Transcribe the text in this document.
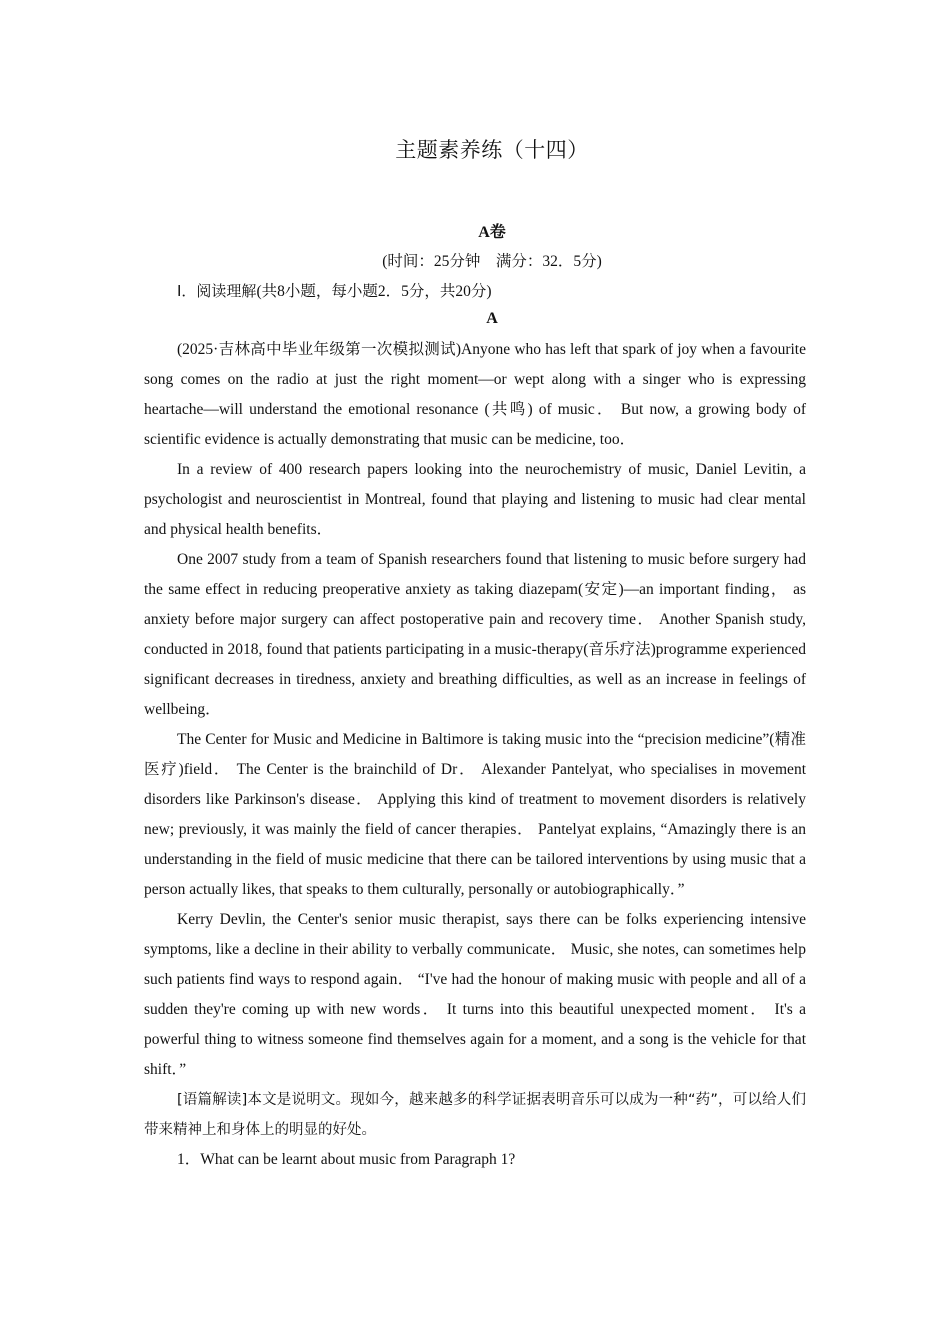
主题素养练（十四）
A卷
(时间：25分钟　满分：32．5分)
Ⅰ．阅读理解(共8小题，每小题2．5分，共20分)
A

(2025·吉林高中毕业年级第一次模拟测试)Anyone who has left that spark of joy when a favourite song comes on the radio at just the right moment—or wept along with a singer who is expressing heartache—will understand the emotional resonance (共鸣) of music． But now, a growing body of scientific evidence is actually demonstrating that music can be medicine, too．

In a review of 400 research papers looking into the neurochemistry of music, Daniel Levitin, a psychologist and neuroscientist in Montreal, found that playing and listening to music had clear mental and physical health benefits．

One 2007 study from a team of Spanish researchers found that listening to music before surgery had the same effect in reducing preoperative anxiety as taking diazepam(安定)—an important finding， as anxiety before major surgery can affect postoperative pain and recovery time． Another Spanish study, conducted in 2018, found that patients participating in a music-therapy(音乐疗法)programme experienced significant decreases in tiredness, anxiety and breathing difficulties, as well as an increase in feelings of wellbeing．

The Center for Music and Medicine in Baltimore is taking music into the “precision medicine”(精准医疗)field． The Center is the brainchild of Dr． Alexander Pantelyat, who specialises in movement disorders like Parkinson's disease． Applying this kind of treatment to movement disorders is relatively new; previously, it was mainly the field of cancer therapies． Pantelyat explains, “Amazingly there is an understanding in the field of music medicine that there can be tailored interventions by using music that a person actually likes, that speaks to them culturally, personally or autobiographically．”

Kerry Devlin, the Center's senior music therapist, says there can be folks experiencing intensive symptoms, like a decline in their ability to verbally communicate． Music, she notes, can sometimes help such patients find ways to respond again． “I've had the honour of making music with people and all of a sudden they're coming up with new words． It turns into this beautiful unexpected moment． It's a powerful thing to witness someone find themselves again for a moment, and a song is the vehicle for that shift．”

[语篇解读]本文是说明文。现如今，越来越多的科学证据表明音乐可以成为一种“药”，可以给人们带来精神上和身体上的明显的好处。

1．What can be learnt about music from Paragraph 1?
